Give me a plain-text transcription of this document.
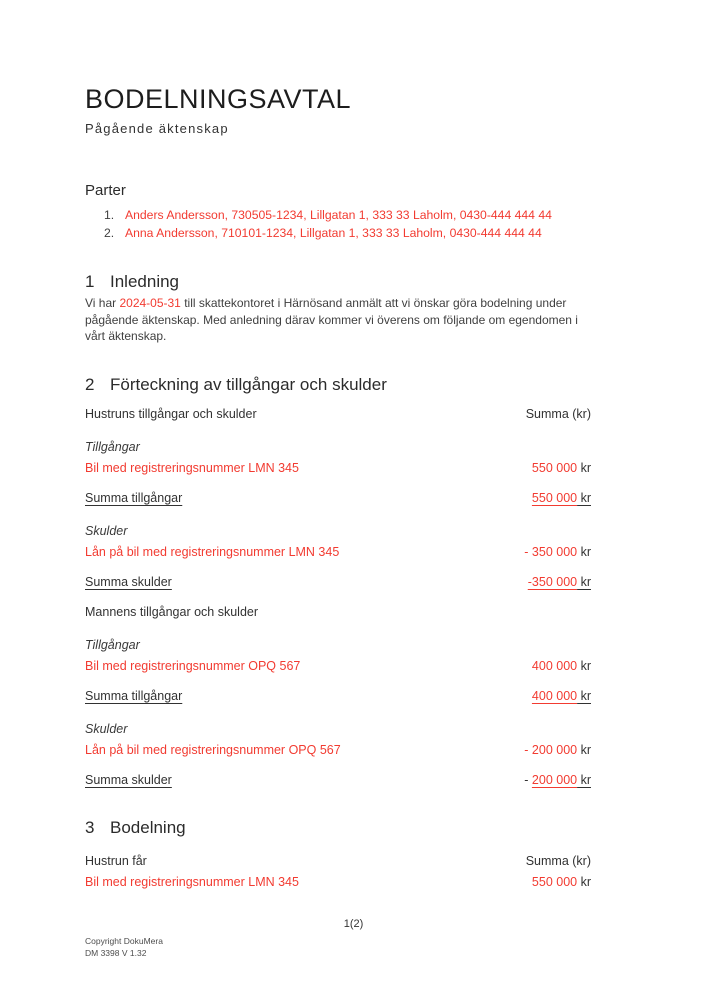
BODELNINGSAVTAL
Pågående äktenskap
Parter
1. Anders Andersson, 730505-1234, Lillgatan 1, 333 33 Laholm, 0430-444 444 44
2. Anna Andersson, 710101-1234, Lillgatan 1, 333 33 Laholm, 0430-444 444 44
1 Inledning
Vi har 2024-05-31 till skattekontoret i Härnösand anmält att vi önskar göra bodelning under
pågående äktenskap. Med anledning därav kommer vi överens om följande om egendomen i
vårt äktenskap.
2 Förteckning av tillgångar och skulder
Hustruns tillgångar och skulder	Summa (kr)
Tillgångar
Bil med registreringsnummer LMN 345	550 000 kr
Summa tillgångar	550 000 kr
Skulder
Lån på bil med registreringsnummer LMN 345	- 350 000 kr
Summa skulder	-350 000 kr
Mannens tillgångar och skulder
Tillgångar
Bil med registreringsnummer OPQ 567	400 000 kr
Summa tillgångar	400 000 kr
Skulder
Lån på bil med registreringsnummer OPQ 567	- 200 000 kr
Summa skulder	- 200 000 kr
3 Bodelning
Hustrun får	Summa (kr)
Bil med registreringsnummer LMN 345	550 000 kr
1(2)
Copyright DokuMera
DM 3398 V 1.32
